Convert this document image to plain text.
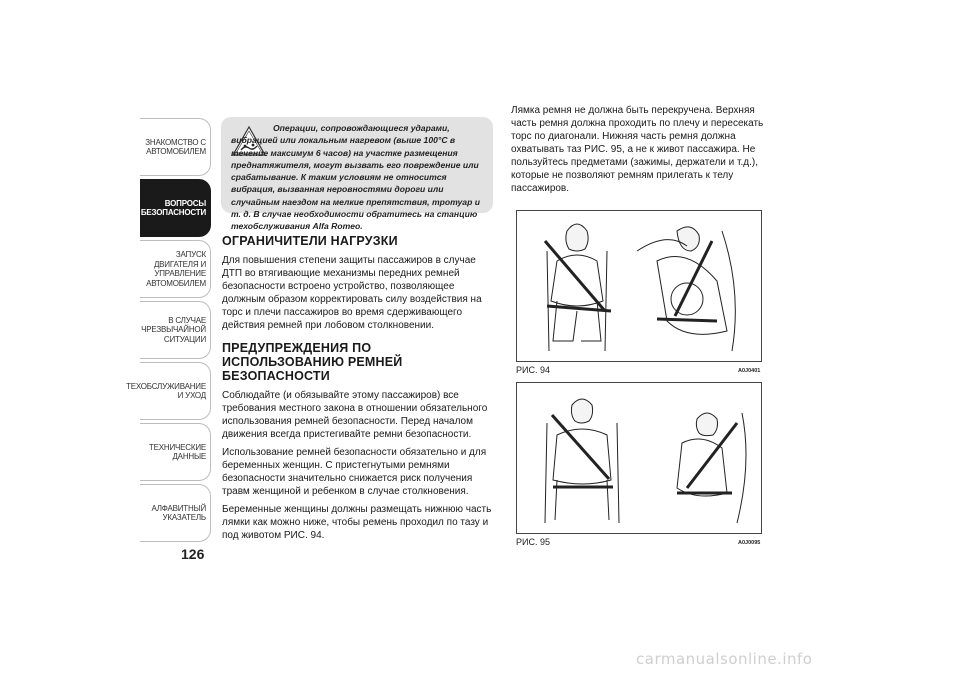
ЗНАКОМСТВО С
АВТОМОБИЛЕМ
ВОПРОСЫ
БЕЗОПАСНОСТИ
ЗАПУСК ДВИГАТЕЛЯ И
УПРАВЛЕНИЕ
АВТОМОБИЛЕМ
В СЛУЧАЕ
ЧРЕЗВЫЧАЙНОЙ
СИТУАЦИИ
ТЕХОБСЛУЖИВАНИЕ
И УХОД
ТЕХНИЧЕСКИЕ
ДАННЫЕ
АЛФАВИТНЫЙ
УКАЗАТЕЛЬ
126
Операции, сопровождающиеся ударами, вибрацией или локальным нагревом (выше 100°C в течение максимум 6 часов) на участке размещения преднатяжителя, могут вызвать его повреждение или срабатывание. К таким условиям не относится вибрация, вызванная неровностями дороги или случайным наездом на мелкие препятствия, тротуар и т. д. В случае необходимости обратитесь на станцию техобслуживания Alfa Romeo.
ОГРАНИЧИТЕЛИ НАГРУЗКИ

Для повышения степени защиты пассажиров в случае ДТП во втягивающие механизмы передних ремней безопасности встроено устройство, позволяющее должным образом корректировать силу воздействия на торс и плечи пассажиров во время сдерживающего действия ремней при лобовом столкновении.

ПРЕДУПРЕЖДЕНИЯ ПО ИСПОЛЬЗОВАНИЮ РЕМНЕЙ БЕЗОПАСНОСТИ

Соблюдайте (и обязывайте этому пассажиров) все требования местного закона в отношении обязательного использования ремней безопасности. Перед началом движения всегда пристегивайте ремни безопасности.

Использование ремней безопасности обязательно и для беременных женщин. С пристегнутыми ремнями безопасности значительно снижается риск получения травм женщиной и ребенком в случае столкновения.

Беременные женщины должны размещать нижнюю часть лямки как можно ниже, чтобы ремень проходил по тазу и под животом РИС. 94.

Лямка ремня не должна быть перекручена. Верхняя часть ремня должна проходить по плечу и пересекать торс по диагонали. Нижняя часть ремня должна охватывать таз РИС. 95, а не к живот пассажира. Не пользуйтесь предметами (зажимы, держатели и т.д.), которые не позволяют ремням прилегать к телу пассажиров.

РИС. 94	A0J0401
РИС. 95	A0J0095
carmanualsonline.info
